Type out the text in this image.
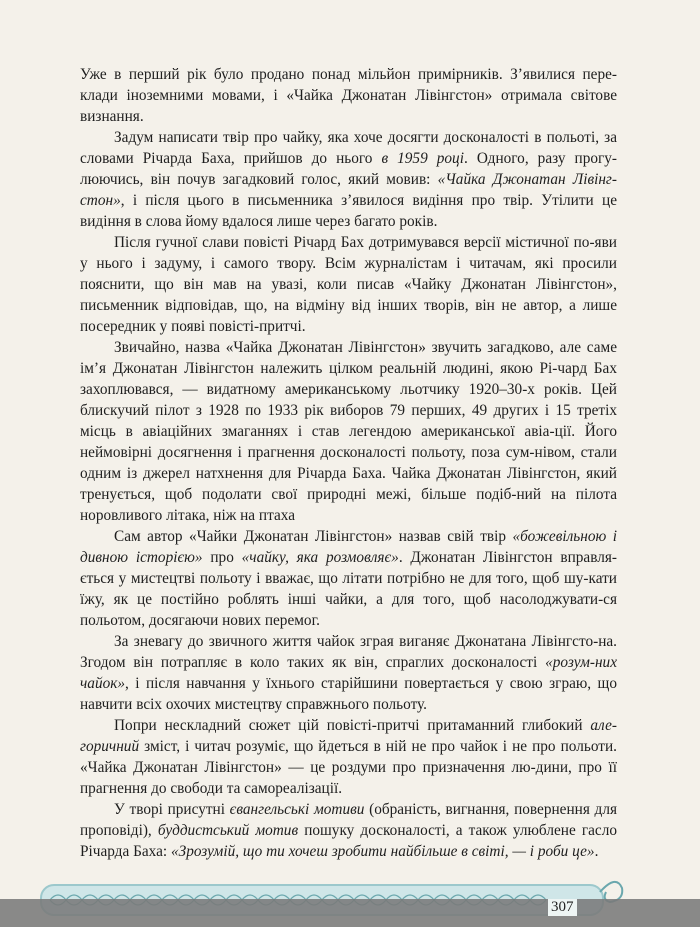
Уже в перший рік було продано понад мільйон примірників. З’явилися пере-клади іноземними мовами, і «Чайка Джонатан Лівінгстон» отримала світове визнання.

Задум написати твір про чайку, яка хоче досягти досконалості в польоті, за словами Річарда Баха, прийшов до нього в 1959 році. Одного, разу прогу-люючись, він почув загадковий голос, який мовив: «Чайка Джонатан Лівінг-стон», і після цього в письменника з’явилося видіння про твір. Утілити це видіння в слова йому вдалося лише через багато років.

Після гучної слави повісті Річард Бах дотримувався версії містичної по-яви у нього і задуму, і самого твору. Всім журналістам і читачам, які просили пояснити, що він мав на увазі, коли писав «Чайку Джонатан Лівінгстон», письменник відповідав, що, на відміну від інших творів, він не автор, а лише посередник у появі повісті-притчі.

Звичайно, назва «Чайка Джонатан Лівінгстон» звучить загадково, але саме ім’я Джонатан Лівінгстон належить цілком реальній людині, якою Рі-чард Бах захоплювався, — видатному американському льотчику 1920–30-х років. Цей блискучий пілот з 1928 по 1933 рік виборов 79 перших, 49 других і 15 третіх місць в авіаційних змаганнях і став легендою американської авіа-ції. Його неймовірні досягнення і прагнення досконалості польоту, поза сум-нівом, стали одним із джерел натхнення для Річарда Баха. Чайка Джонатан Лівінгстон, який тренується, щоб подолати свої природні межі, більше подіб-ний на пілота норовливого літака, ніж на птаха

Сам автор «Чайки Джонатан Лівінгстон» назвав свій твір «божевільною і дивною історією» про «чайку, яка розмовляє». Джонатан Лівінгстон вправля-ється у мистецтві польоту і вважає, що літати потрібно не для того, щоб шу-кати їжу, як це постійно роблять інші чайки, а для того, щоб насолоджувати-ся польотом, досягаючи нових перемог.

За зневагу до звичного життя чайок зграя виганяє Джонатана Лівінгсто-на. Згодом він потрапляє в коло таких як він, спраглих досконалості «розум-них чайок», і після навчання у їхнього старійшини повертається у свою зграю, що навчити всіх охочих мистецтву справжнього польоту.

Попри нескладний сюжет цій повісті-притчі притаманний глибокий але-горичний зміст, і читач розуміє, що йдеться в ній не про чайок і не про польоти. «Чайка Джонатан Лівінгстон» — це роздуми про призначення лю-дини, про її прагнення до свободи та самореалізації.

У творі присутні євангельські мотиви (обраність, вигнання, повернення для проповіді), буддистський мотив пошуку досконалості, а також улюблене гасло Річарда Баха: «Зрозумій, що ти хочеш зробити найбільше в світі, — і роби це».

307
